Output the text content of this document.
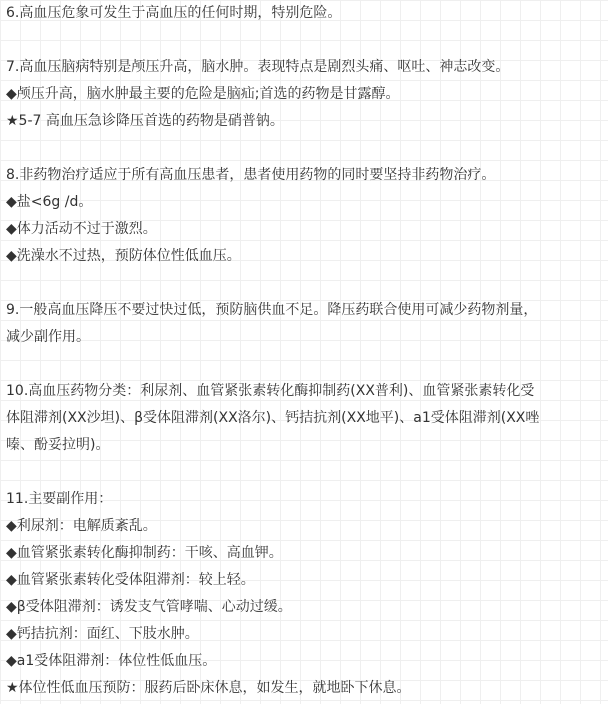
6.高血压危象可发生于高血压的任何时期，特别危险。
7.高血压脑病特别是颅压升高，脑水肿。表现特点是剧烈头痛、呕吐、神志改变。
◆颅压升高，脑水肿最主要的危险是脑疝;首选的药物是甘露醇。
★5-7 高血压急诊降压首选的药物是硝普钠。
8.非药物治疗适应于所有高血压患者，患者使用药物的同时要坚持非药物治疗。
◆盐<6g /d。
◆体力活动不过于激烈。
◆洗澡水不过热，预防体位性低血压。
9.一般高血压降压不要过快过低，预防脑供血不足。降压药联合使用可减少药物剂量，
减少副作用。
10.高血压药物分类：利尿剂、血管紧张素转化酶抑制药(XX普利)、血管紧张素转化受
体阻滞剂(XX沙坦)、β受体阻滞剂(XX洛尔)、钙拮抗剂(XX地平)、a1受体阻滞剂(XX唑
嗪、酚妥拉明)。
11.主要副作用：
◆利尿剂：电解质紊乱。
◆血管紧张素转化酶抑制药：干咳、高血钾。
◆血管紧张素转化受体阻滞剂：较上轻。
◆β受体阻滞剂：诱发支气管哮喘、心动过缓。
◆钙拮抗剂：面红、下肢水肿。
◆a1受体阻滞剂：体位性低血压。
★体位性低血压预防：服药后卧床休息，如发生，就地卧下休息。
